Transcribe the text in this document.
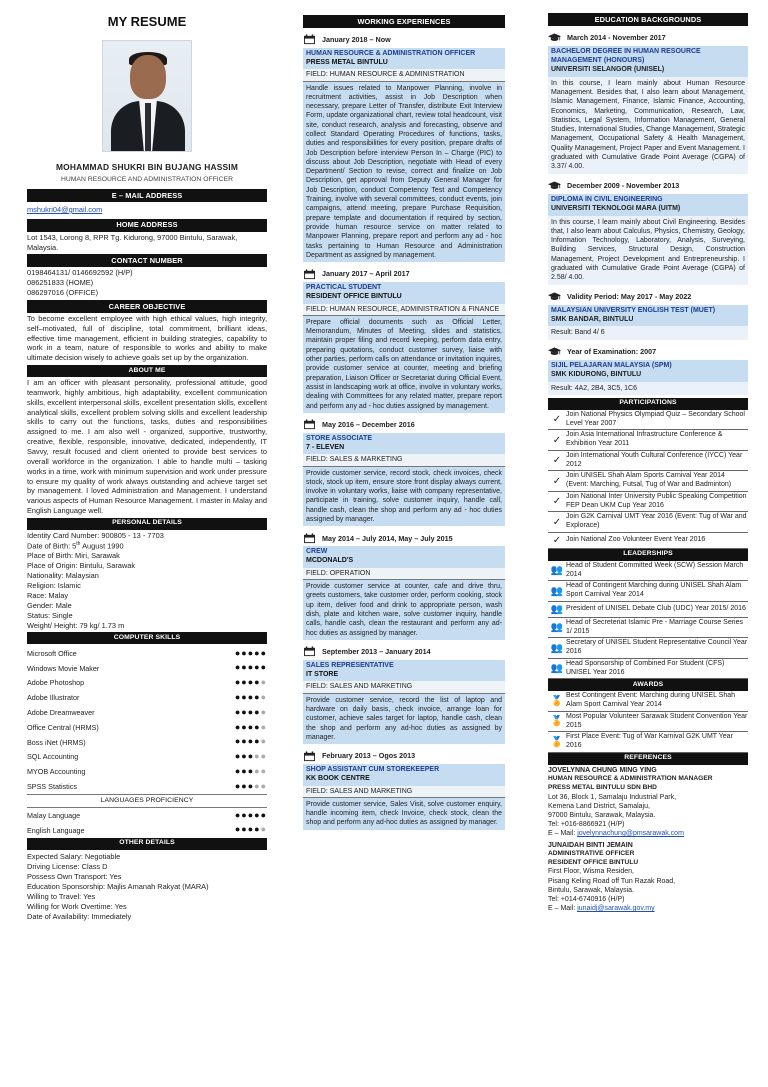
MY RESUME
MOHAMMAD SHUKRI BIN BUJANG HASSIM
HUMAN RESOURCE AND ADMINISTRATION OFFICER
E – MAIL ADDRESS
mshukri04@gmail.com
HOME ADDRESS
Lot 1543, Lorong 8, RPR Tg. Kidurong, 97000 Bintulu, Sarawak, Malaysia.
CONTACT NUMBER
0198464131/ 0146692592 (H/P)
086251833 (HOME)
086297016 (OFFICE)
CAREER OBJECTIVE
To become excellent employee with high ethical values, high integrity, self–motivated, full of discipline, total commitment, brilliant ideas, effective time management, efficient in building strategies, capability to work in a team, nature of responsible to works and ability to make ultimate decision wisely to achieve goals set up by the organization.
ABOUT ME
I am an officer with pleasant personality, professional attitude, good teamwork, highly ambitious, high adaptability, excellent communication skills, excellent interpersonal skills, excellent presentation skills, excellent analytical skills, excellent problem solving skills and excellent leadership skills to carry out the functions, tasks, duties and responsibilities assigned to me. I am also well - organized, supportive, trustworthy, creative, flexible, responsible, innovative, dedicated, independently, IT Savvy, result focused and client oriented to provide best services to overall workforce in the organization. I able to handle multi – tasking works in a time, work with minimum supervision and work under pressure to ensure my quality of work always outstanding and achieve target set by management. I loved Administration and Management. I understand various aspects of Human Resource Management. I master in Malay and English Language well.
PERSONAL DETAILS
Identity Card Number: 900805 - 13 - 7703
Date of Birth: 5th August 1990
Place of Birth: Miri, Sarawak
Place of Origin: Bintulu, Sarawak
Nationality: Malaysian
Religion: Islamic
Race: Malay
Gender: Male
Status: Single
Weight/ Height: 79 kg/ 1.73 m
COMPUTER SKILLS
Microsoft Office	●●●●●
Windows Movie Maker	●●●●●
Adobe Photoshop	●●●●●
Adobe Illustrator	●●●●●
Adobe Dreamweaver	●●●●●
Office Central (HRMS)	●●●●●
Boss iNet (HRMS)	●●●●●
SQL Accounting	●●●●●
MYOB Accounting	●●●●●
SPSS Statistics	●●●●●
LANGUAGES PROFICIENCY
Malay Language	●●●●●
English Language	●●●●●
OTHER DETAILS
Expected Salary: Negotiable
Driving License: Class D
Possess Own Transport: Yes
Education Sponsorship: Majlis Amanah Rakyat (MARA)
Willing to Travel: Yes
Willing for Work Overtime: Yes
Date of Availability: Immediately
WORKING EXPERIENCES
January 2018 – Now
HUMAN RESOURCE & ADMINISTRATION OFFICER
PRESS METAL BINTULU
FIELD: HUMAN RESOURCE & ADMINISTRATION
Handle issues related to Manpower Planning, involve in recruitment activities, assist in Job Description when necessary, prepare Letter of Transfer, distribute Exit Interview Form, update organizational chart, review total headcount, visit site, conduct research, analysis and forecasting, observe and collect Standard Operating Procedures of functions, tasks, duties and responsibilities for every position, prepare drafts of Job Description before interview Person In – Charge (PIC) to discuss about Job Description, negotiate with Head of every Department/ Section to revise, correct and finalize on Job Description, get approval from Deputy General Manager for Job Description, conduct Competency Test and Competency Training, involve with several committees, conduct events, join campaigns, attend meeting, prepare Purchase Requisition, prepare template and documentation if required by section, provide human resource service on matter related to Manpower Planning, prepare report and perform any ad - hoc tasks pertaining to Human Resource and Administration Department as assigned by management.
January 2017 – April 2017
PRACTICAL STUDENT
RESIDENT OFFICE BINTULU
FIELD: HUMAN RESOURCE, ADMINISTRATION & FINANCE
Prepare official documents such as Official Letter, Memorandum, Minutes of Meeting, slides and statistics, maintain proper filing and record keeping, perform data entry, preparing quotations, conduct customer survey, liaise with other parties, perform calls on attendance or invitation inquires, provide customer service at counter, meeting and briefing preparation, Liaison Officer or Secretariat during Official Event, assist in landscaping work at office, involve in voluntary works, dealing with Committees for any related matter, prepare report and perform any ad - hoc duties assigned by management.
May 2016 – December 2016
STORE ASSOCIATE
7 - ELEVEN
FIELD: SALES & MARKETING
Provide customer service, record stock, check invoices, check stock, stock up item, ensure store front display always current, involve in voluntary works, liaise with company representative, participate in training, solve customer inquiry, handle call, handle cash, clean the shop and perform any ad - hoc duties assigned by manager.
May 2014 – July 2014, May – July 2015
CREW
MCDONALD'S
FIELD: OPERATION
Provide customer service at counter, cafe and drive thru, greets customers, take customer order, perform cooking, stock up item, deliver food and drink to appropriate person, wash dish, plate and kitchen ware, solve customer inquiry, handle calls, handle cash, clean the restaurant and perform any ad-hoc duties as assigned by manager.
September 2013 – January 2014
SALES REPRESENTATIVE
IT STORE
FIELD: SALES AND MARKETING
Provide customer service, record the list of laptop and hardware on daily basis, check invoice, arrange loan for customer, achieve sales target for laptop, handle cash, clean the shop and perform any ad-hoc duties as assigned by manager.
February 2013 – Ogos 2013
SHOP ASSISTANT CUM STOREKEEPER
KK BOOK CENTRE
FIELD: SALES AND MARKETING
Provide customer service, Sales Visit, solve customer enquiry, handle incoming item, check Invoice, check stock, clean the shop and perform any ad-hoc duties as assigned by manager.
EDUCATION BACKGROUNDS
March 2014 - November 2017
BACHELOR DEGREE IN HUMAN RESOURCE MANAGEMENT (HONOURS)
UNIVERSITI SELANGOR (UNISEL)
In this course, I learn mainly about Human Resource Management. Besides that, I also learn about Management, Islamic Management, Finance, Islamic Finance, Accounting, Economics, Marketing, Communication, Research, Law, Statistics, Legal System, Information Management, General Studies, International Studies, Change Management, Strategic Management, Occupational Safety & Health Management, Quality Management, Project Paper and Event Management. I graduated with Cumulative Grade Point Average (CGPA) of 3.37/ 4.00.
December 2009 - November 2013
DIPLOMA IN CIVIL ENGINEERING
UNIVERSITI TEKNOLOGI MARA (UITM)
In this course, I learn mainly about Civil Engineering. Besides that, I also learn about Calculus, Physics, Chemistry, Geology, Information Technology, Laboratory, Analysis, Surveying, Building Services, Structural Design, Construction Management, Project Development and Entrepreneurship. I graduated with Cumulative Grade Point Average (CGPA) of 2.58/ 4.00.
Validity Period: May 2017 - May 2022
MALAYSIAN UNIVERSITY ENGLISH TEST (MUET)
SMK BANDAR, BINTULU
Result: Band 4/ 6
Year of Examination: 2007
SIJIL PELAJARAN MALAYSIA (SPM)
SMK KIDURONG, BINTULU
Result: 4A2, 2B4, 3C5, 1C6
PARTICIPATIONS
✓ Join National Physics Olympiad Quiz – Secondary School Level Year 2007
✓ Join Asia International Infrastructure Conference & Exhibition Year 2011
✓ Join International Youth Cultural Conference (IYCC) Year 2012
✓ Join UNISEL Shah Alam Sports Carnival Year 2014 (Event: Marching, Futsal, Tug of War and Badminton)
✓ Join National Inter University Public Speaking Competition FEP Dean UKM Cup Year 2016
✓ Join G2K Carnival UMT Year 2016 (Event: Tug of War and Explorace)
✓ Join National Zoo Volunteer Event Year 2016
LEADERSHIPS
👥 Head of Student Committed Week (SCW) Session March 2014
👥 Head of Contingent Marching during UNISEL Shah Alam Sport Carnival Year 2014
👥 President of UNISEL Debate Club (UDC) Year 2015/ 2016
👥 Head of Secreteriat Islamic Pre - Marriage Course Series 1/ 2015
👥 Secretary of UNISEL Student Representative Council Year 2016
👥 Head Sponsorship of Combined For Student (CFS) UNISEL Year 2016
AWARDS
🏅 Best Contingent Event: Marching during UNISEL Shah Alam Sport Carnival Year 2014
🏅 Most Popular Volunteer Sarawak Student Convention Year 2015
🏅 First Place Event: Tug of War Karnival G2K UMT Year 2016
REFERENCES
JOVELYNNA CHUNG MING YING
HUMAN RESOURCE & ADMINISTRATION MANAGER
PRESS METAL BINTULU SDN BHD
Lot 36, Block 1, Samalaju Industrial Park,
Kemena Land District, Samalaju,
97000 Bintulu, Sarawak, Malaysia.
Tel: +016-8866921 (H/P)
E – Mail: jovelynnachung@pmsarawak.com
JUNAIDAH BINTI JEMAIN
ADMINISTRATIVE OFFICER
RESIDENT OFFICE BINTULU
First Floor, Wisma Residen,
Pisang Keling Road off Tun Razak Road,
Bintulu, Sarawak, Malaysia.
Tel: +014-6740916 (H/P)
E – Mail: junaidj@sarawak.gov.my
